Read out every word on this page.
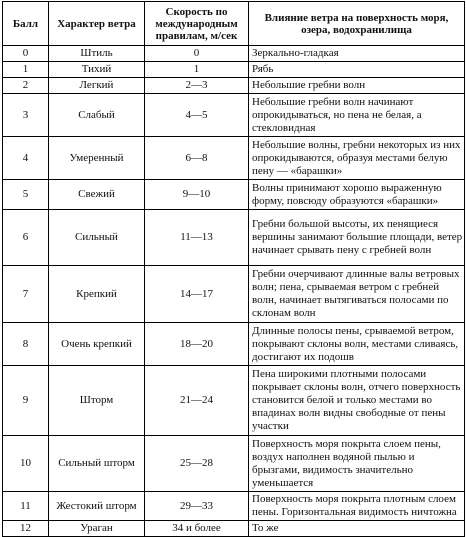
Балл	Характер ветра	Скорость по международным правилам, м/сек	Влияние ветра на поверхность моря, озера, водохранилища
0	Штиль	0	Зеркально-гладкая
1	Тихий	1	Рябь
2	Легкий	2—3	Небольшие гребни волн
3	Слабый	4—5	Небольшие гребни волн начинают опрокидываться, но пена не белая, а стекловидная
4	Умеренный	6—8	Небольшие волны, гребни некоторых из них опрокидываются, образуя местами белую пену — «барашки»
5	Свежий	9—10	Волны принимают хорошо выраженную форму, повсюду образуются «барашки»
6	Сильный	11—13	Гребни большой высоты, их пенящиеся вершины занимают большие площади, ветер начинает срывать пену с гребней волн
7	Крепкий	14—17	Гребни очерчивают длинные валы ветровых волн; пена, срываемая ветром с гребней волн, начинает вытягиваться полосами по склонам волн
8	Очень крепкий	18—20	Длинные полосы пены, срываемой ветром, покрывают склоны волн, местами сливаясь, достигают их подошв
9	Шторм	21—24	Пена широкими плотными полосами покрывает склоны волн, отчего поверхность становится белой и только местами во впадинах волн видны свободные от пены участки
10	Сильный шторм	25—28	Поверхность моря покрыта слоем пены, воздух наполнен водяной пылью и брызгами, видимость значительно уменьшается
11	Жестокий шторм	29—33	Поверхность моря покрыта плотным слоем пены. Горизонтальная видимость ничтожна
12	Ураган	34 и более	То же
